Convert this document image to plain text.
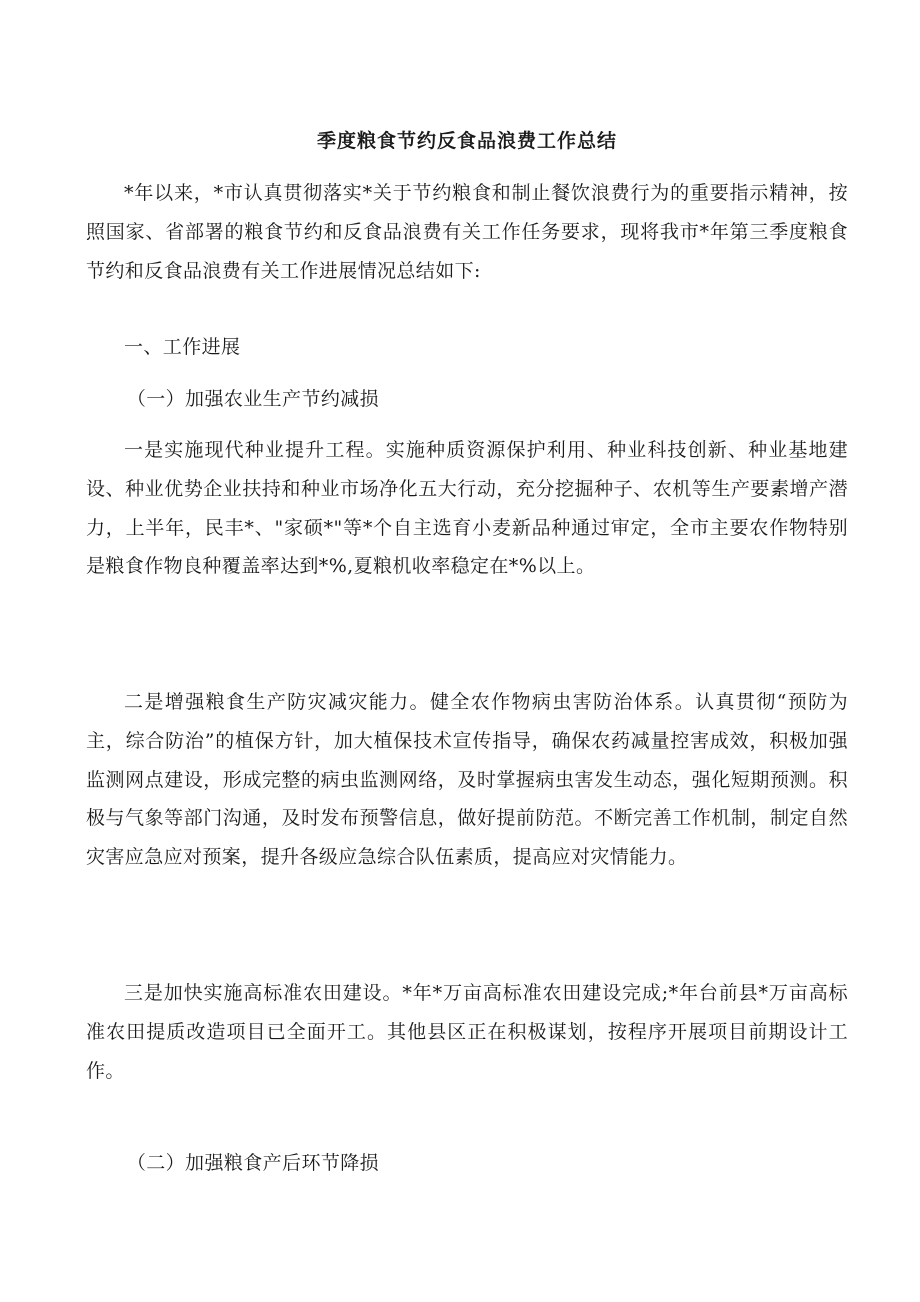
季度粮食节约反食品浪费工作总结

*年以来，*市认真贯彻落实*关于节约粮食和制止餐饮浪费行为的重要指示精神，按照国家、省部署的粮食节约和反食品浪费有关工作任务要求，现将我市*年第三季度粮食节约和反食品浪费有关工作进展情况总结如下:

一、工作进展

（一）加强农业生产节约减损

一是实施现代种业提升工程。实施种质资源保护利用、种业科技创新、种业基地建设、种业优势企业扶持和种业市场净化五大行动，充分挖掘种子、农机等生产要素增产潜力，上半年，民丰*、"家硕*"等*个自主选育小麦新品种通过审定，全市主要农作物特别是粮食作物良种覆盖率达到*%,夏粮机收率稳定在*%以上。

二是增强粮食生产防灾减灾能力。健全农作物病虫害防治体系。认真贯彻“预防为主，综合防治”的植保方针，加大植保技术宣传指导，确保农药减量控害成效，积极加强监测网点建设，形成完整的病虫监测网络，及时掌握病虫害发生动态，强化短期预测。积极与气象等部门沟通，及时发布预警信息，做好提前防范。不断完善工作机制，制定自然灾害应急应对预案，提升各级应急综合队伍素质，提高应对灾情能力。

三是加快实施高标准农田建设。*年*万亩高标准农田建设完成;*年台前县*万亩高标准农田提质改造项目已全面开工。其他县区正在积极谋划，按程序开展项目前期设计工作。

（二）加强粮食产后环节降损
